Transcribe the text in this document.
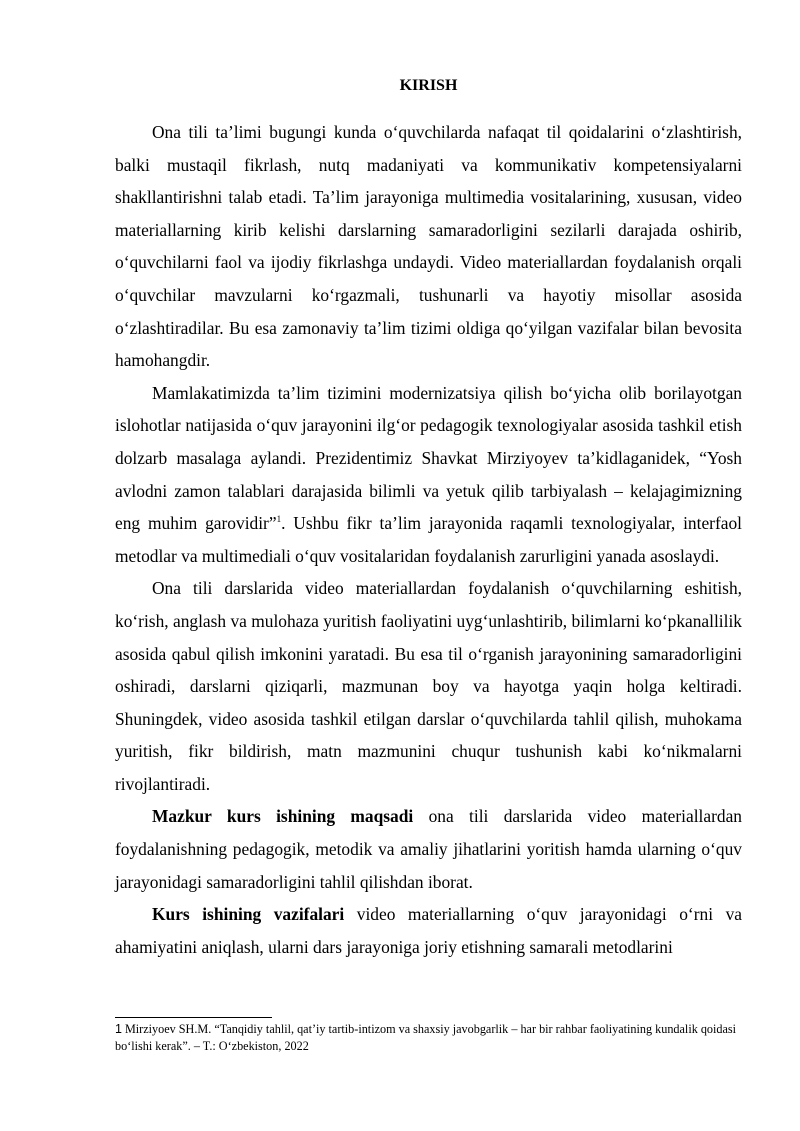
KIRISH

Ona tili ta’limi bugungi kunda o‘quvchilarda nafaqat til qoidalarini o‘zlashtirish, balki mustaqil fikrlash, nutq madaniyati va kommunikativ kompetensiyalarni shakllantirishni talab etadi. Ta’lim jarayoniga multimedia vositalarining, xususan, video materiallarning kirib kelishi darslarning samaradorligini sezilarli darajada oshirib, o‘quvchilarni faol va ijodiy fikrlashga undaydi. Video materiallardan foydalanish orqali o‘quvchilar mavzularni ko‘rgazmali, tushunarli va hayotiy misollar asosida o‘zlashtiradilar. Bu esa zamonaviy ta’lim tizimi oldiga qo‘yilgan vazifalar bilan bevosita hamohangdir.

Mamlakatimizda ta’lim tizimini modernizatsiya qilish bo‘yicha olib borilayotgan islohotlar natijasida o‘quv jarayonini ilg‘or pedagogik texnologiyalar asosida tashkil etish dolzarb masalaga aylandi. Prezidentimiz Shavkat Mirziyoyev ta’kidlaganidek, “Yosh avlodni zamon talablari darajasida bilimli va yetuk qilib tarbiyalash – kelajagimizning eng muhim garovidir”$^1$. Ushbu fikr ta’lim jarayonida raqamli texnologiyalar, interfaol metodlar va multimediali o‘quv vositalaridan foydalanish zarurligini yanada asoslaydi.

Ona tili darslarida video materiallardan foydalanish o‘quvchilarning eshitish, ko‘rish, anglash va mulohaza yuritish faoliyatini uyg‘unlashtirib, bilimlarni ko‘pkanallilik asosida qabul qilish imkonini yaratadi. Bu esa til o‘rganish jarayonining samaradorligini oshiradi, darslarni qiziqarli, mazmunan boy va hayotga yaqin holga keltiradi. Shuningdek, video asosida tashkil etilgan darslar o‘quvchilarda tahlil qilish, muhokama yuritish, fikr bildirish, matn mazmunini chuqur tushunish kabi ko‘nikmalarni rivojlantiradi.

Mazkur kurs ishining maqsadi ona tili darslarida video materiallardan foydalanishning pedagogik, metodik va amaliy jihatlarini yoritish hamda ularning o‘quv jarayonidagi samaradorligini tahlil qilishdan iborat.

Kurs ishining vazifalari video materiallarning o‘quv jarayonidagi o‘rni va ahamiyatini aniqlash, ularni dars jarayoniga joriy etishning samarali metodlarini

1 Mirziyoev SH.M. “Tanqidiy tahlil, qat’iy tartib-intizom va shaxsiy javobgarlik – har bir rahbar faoliyatining kundalik qoidasi bo‘lishi kerak”. – T.: O‘zbekiston, 2022
